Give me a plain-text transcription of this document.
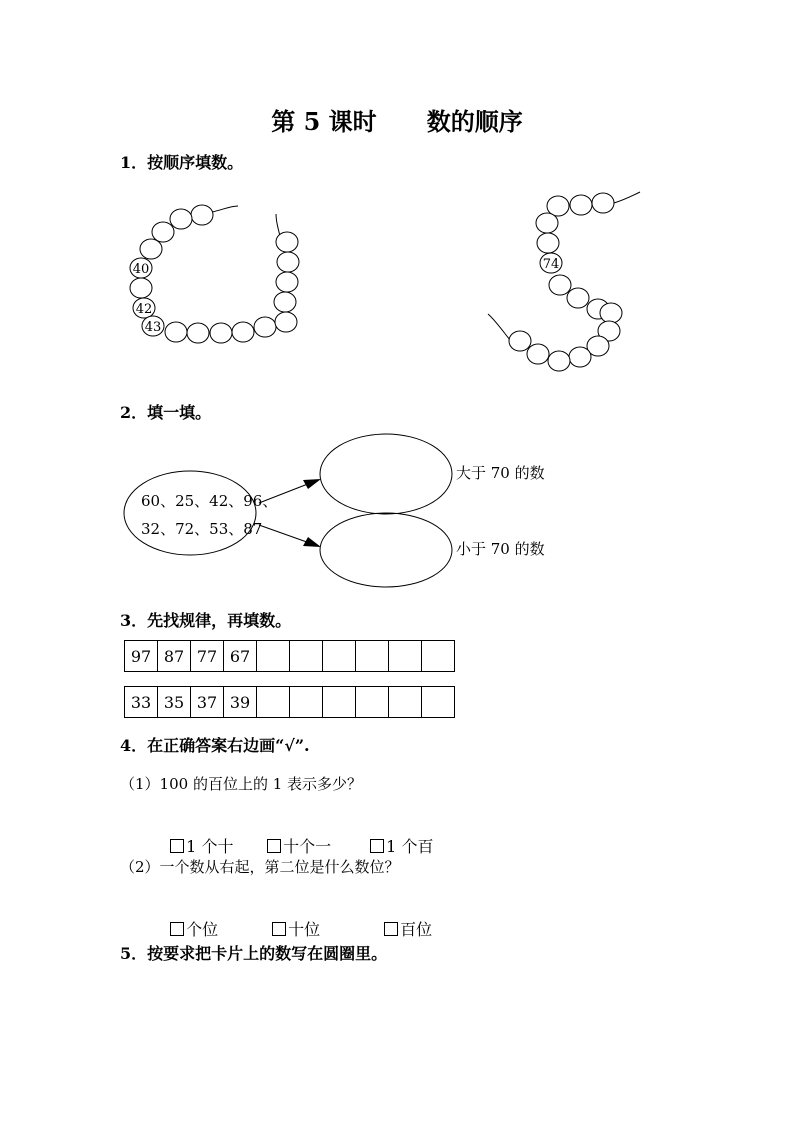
第 5 课时      数的顺序
1．按顺序填数。
40
42
43
74
2．填一填。
60、25、42、96、
32、72、53、87
大于 70 的数
小于 70 的数
3．先找规律，再填数。
97	87	77	67						
33	35	37	39						
4．在正确答案右边画“√”.
（1）100 的百位上的 1 表示多少？

1 个十	十个一	1 个百

（2）一个数从右起，第二位是什么数位？

个位	十位	百位

5．按要求把卡片上的数写在圆圈里。
